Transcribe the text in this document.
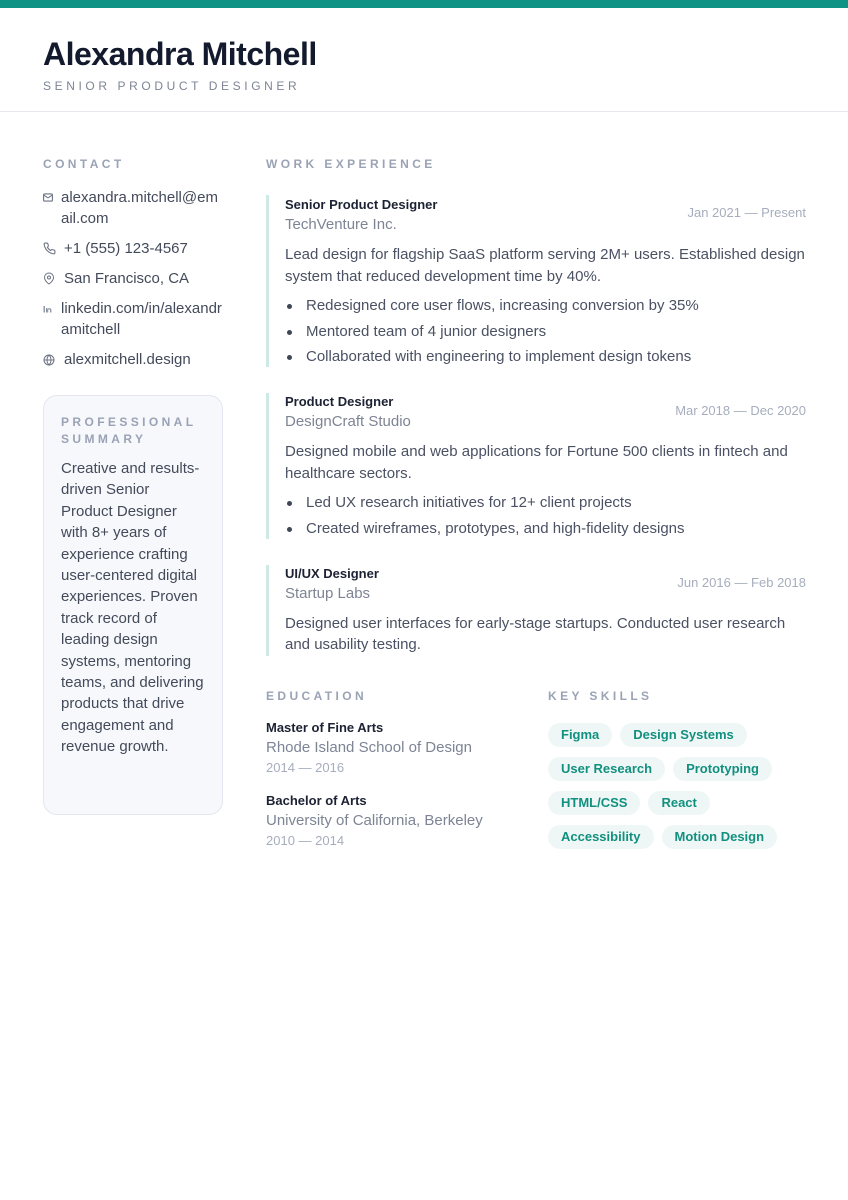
Alexandra Mitchell
SENIOR PRODUCT DESIGNER
CONTACT
alexandra.mitchell@email.com
+1 (555) 123-4567
San Francisco, CA
linkedin.com/in/alexandramitchell
alexmitchell.design
PROFESSIONAL SUMMARY

Creative and results-driven Senior Product Designer with 8+ years of experience crafting user-centered digital experiences. Proven track record of leading design systems, mentoring teams, and delivering products that drive engagement and revenue growth.

WORK EXPERIENCE
Senior Product Designer
TechVenture Inc.
Jan 2021 — Present

Lead design for flagship SaaS platform serving 2M+ users. Established design system that reduced development time by 40%.

Redesigned core user flows, increasing conversion by 35%
Mentored team of 4 junior designers
Collaborated with engineering to implement design tokens
Product Designer
DesignCraft Studio
Mar 2018 — Dec 2020

Designed mobile and web applications for Fortune 500 clients in fintech and healthcare sectors.

Led UX research initiatives for 12+ client projects
Created wireframes, prototypes, and high-fidelity designs
UI/UX Designer
Startup Labs
Jun 2016 — Feb 2018

Designed user interfaces for early-stage startups. Conducted user research and usability testing.

EDUCATION
Master of Fine Arts
Rhode Island School of Design
2014 — 2016
Bachelor of Arts
University of California, Berkeley
2010 — 2014
KEY SKILLS
Figma	Design Systems
User Research	Prototyping
HTML/CSS	React
Accessibility	Motion Design
